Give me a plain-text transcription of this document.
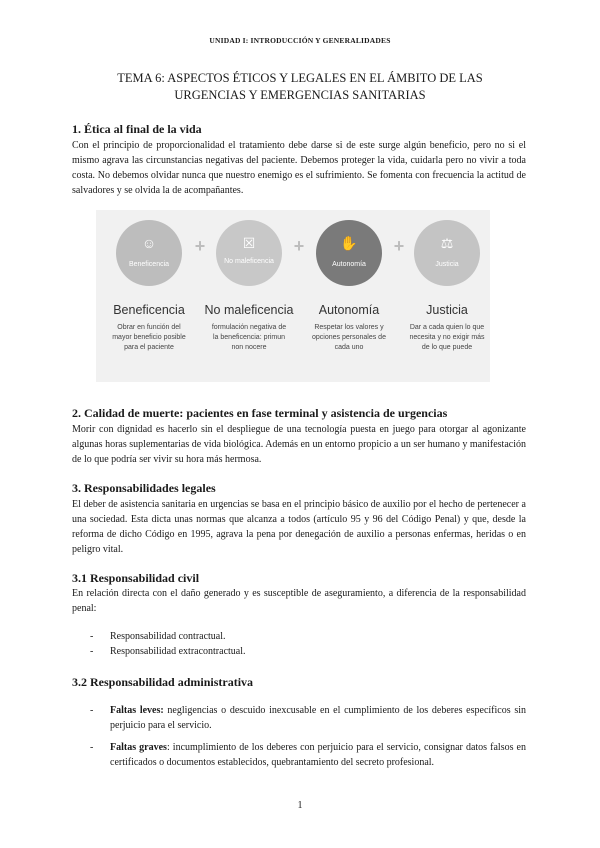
UNIDAD I: INTRODUCCIÓN Y GENERALIDADES
TEMA 6: ASPECTOS ÉTICOS Y LEGALES EN EL ÁMBITO DE LAS
URGENCIAS Y EMERGENCIAS SANITARIAS
1. Ética al final de la vida
Con el principio de proporcionalidad el tratamiento debe darse si de este surge algún beneficio, pero no si el mismo agrava las circunstancias negativas del paciente. Debemos proteger la vida, cuidarla pero no vivir a toda costa. No debemos olvidar nunca que nuestro enemigo es el sufrimiento. Se fomenta con frecuencia la actitud de salvadores y se olvida la de acompañantes.
☺
Beneficencia
+	☒
No maleficencia
+	✋
Autonomía
+	⚖
Justicia
Beneficencia	No maleficencia	Autonomía	Justicia
Obrar en función del mayor beneficio posible para el paciente
formulación negativa de la beneficencia: primun non nocere
Respetar los valores y opciones personales de cada uno
Dar a cada quien lo que necesita y no exigir más de lo que puede
2. Calidad de muerte: pacientes en fase terminal y asistencia de urgencias
Morir con dignidad es hacerlo sin el despliegue de una tecnología puesta en juego para otorgar al agonizante algunas horas suplementarias de vida biológica. Además en un entorno propicio a un ser humano y manifestación de lo que podría ser vivir su hora más hermosa.
3. Responsabilidades legales
El deber de asistencia sanitaria en urgencias se basa en el principio básico de auxilio por el hecho de pertenecer a una sociedad. Esta dicta unas normas que alcanza a todos (artículo 95 y 96 del Código Penal) y que, desde la reforma de dicho Código en 1995, agrava la pena por denegación de auxilio a personas enfermas, heridas o en peligro vital.
3.1 Responsabilidad civil
En relación directa con el daño generado y es susceptible de aseguramiento, a diferencia de la responsabilidad penal:
- Responsabilidad contractual.
- Responsabilidad extracontractual.
3.2 Responsabilidad administrativa
- Faltas leves: negligencias o descuido inexcusable en el cumplimiento de los deberes específicos sin perjuicio para el servicio.
- Faltas graves: incumplimiento de los deberes con perjuicio para el servicio, consignar datos falsos en certificados o documentos establecidos, quebrantamiento del secreto profesional.
1
